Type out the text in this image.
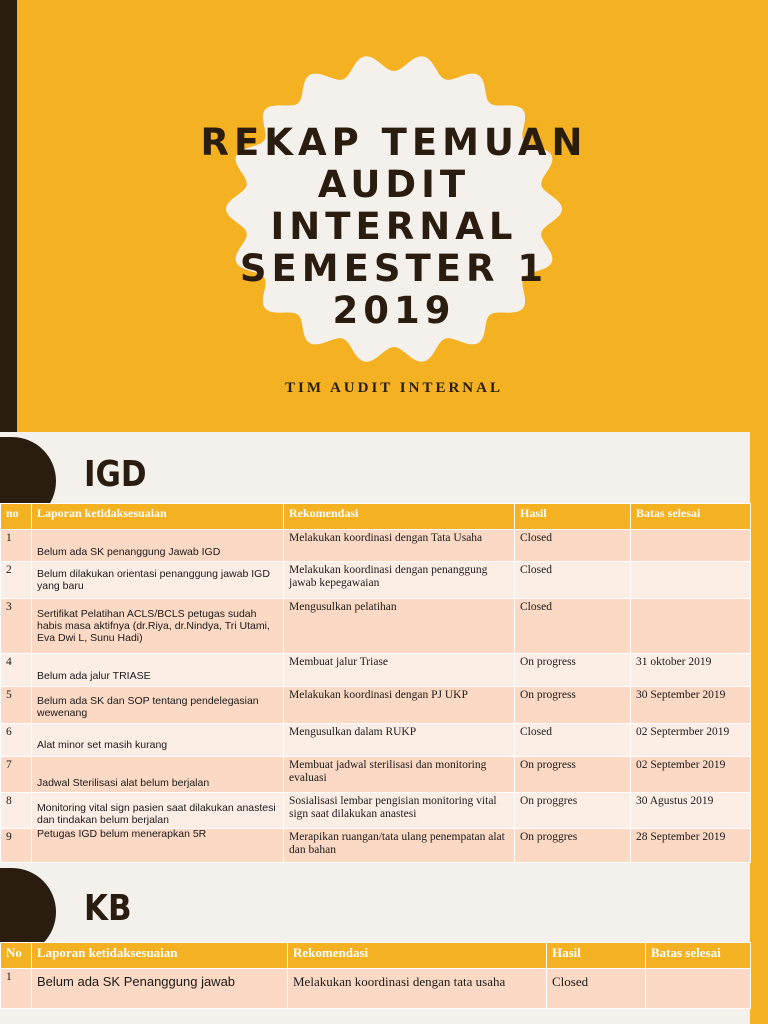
REKAP TEMUAN
AUDIT INTERNAL
SEMESTER 1
2019
TIM AUDIT INTERNAL
IGD
no	Laporan ketidaksesuaian	Rekomendasi	Hasil	Batas selesai
1	Belum ada SK penanggung Jawab IGD	Melakukan koordinasi dengan Tata Usaha	Closed	
2	Belum dilakukan orientasi penanggung jawab IGD yang baru	Melakukan koordinasi dengan penanggung jawab kepegawaian	Closed	
3	Sertifikat Pelatihan ACLS/BCLS petugas sudah habis masa aktifnya (dr.Riya, dr.Nindya, Tri Utami, Eva Dwi L, Sunu Hadi)	Mengusulkan pelatihan	Closed	
4	Belum ada jalur TRIASE	Membuat jalur Triase	On progress	31 oktober 2019
5	Belum ada SK dan SOP tentang pendelegasian wewenang	Melakukan koordinasi dengan PJ UKP	On progress	30 September 2019
6	Alat minor set masih kurang	Mengusulkan dalam RUKP	Closed	02 Septermber 2019
7	Jadwal Sterilisasi alat belum berjalan	Membuat jadwal sterilisasi dan monitoring evaluasi	On progress	02 September 2019
8	Monitoring vital sign pasien saat dilakukan anastesi dan tindakan belum berjalan	Sosialisasi lembar pengisian monitoring vital sign saat dilakukan anastesi	On proggres	30 Agustus 2019
9	Petugas IGD belum menerapkan 5R	Merapikan ruangan/tata ulang penempatan alat dan bahan	On proggres	28 September 2019
KB
No	Laporan ketidaksesuaian	Rekomendasi	Hasil	Batas selesai
1	Belum ada SK Penanggung jawab	Melakukan koordinasi dengan tata usaha	Closed	
